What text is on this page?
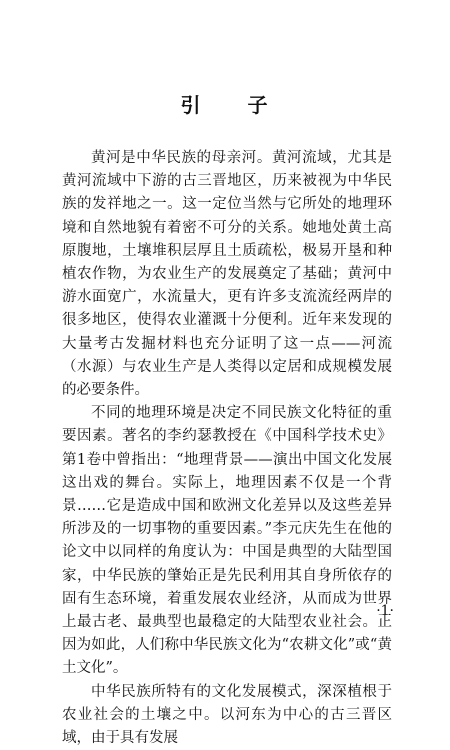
引 子

黄河是中华民族的母亲河。黄河流域，尤其是黄河流域中下游的古三晋地区，历来被视为中华民族的发祥地之一。这一定位当然与它所处的地理环境和自然地貌有着密不可分的关系。她地处黄土高原腹地，土壤堆积层厚且土质疏松，极易开垦和种植农作物，为农业生产的发展奠定了基础；黄河中游水面宽广，水流量大，更有许多支流流经两岸的很多地区，使得农业灌溉十分便利。近年来发现的大量考古发掘材料也充分证明了这一点——河流（水源）与农业生产是人类得以定居和成规模发展的必要条件。

不同的地理环境是决定不同民族文化特征的重要因素。著名的李约瑟教授在《中国科学技术史》第1卷中曾指出：“地理背景——演出中国文化发展这出戏的舞台。实际上，地理因素不仅是一个背景……它是造成中国和欧洲文化差异以及这些差异所涉及的一切事物的重要因素。”李元庆先生在他的论文中以同样的角度认为：中国是典型的大陆型国家，中华民族的肇始正是先民利用其自身所依存的固有生态环境，着重发展农业经济，从而成为世界上最古老、最典型也最稳定的大陆型农业社会。正因为如此，人们称中华民族文化为“农耕文化”或“黄土文化”。

中华民族所特有的文化发展模式，深深植根于农业社会的土壤之中。以河东为中心的古三晋区域，由于具有发展

·1·
